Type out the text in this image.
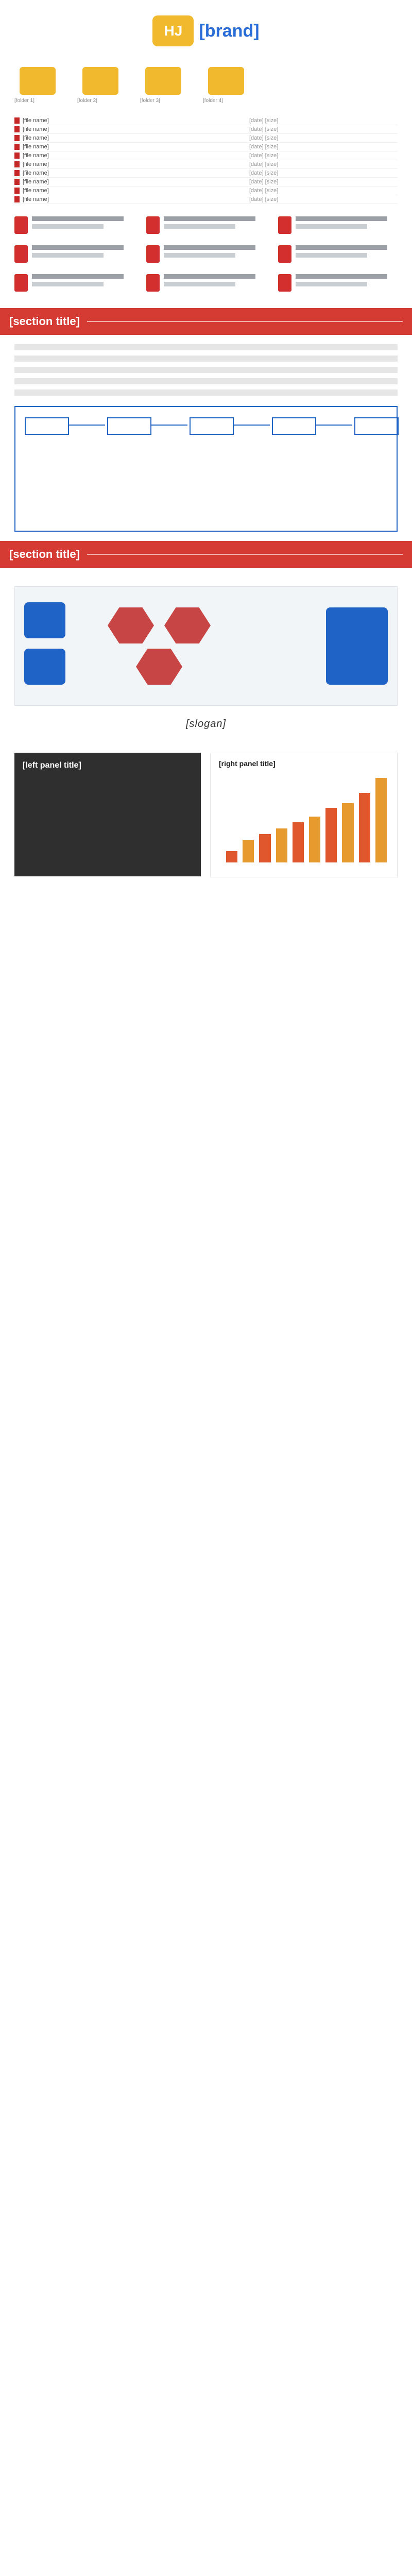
HJ [brand]
[folder 1]	[folder 2]	[folder 3]	[folder 4]
[file name]	[date] [size]
[file name]	[date] [size]
[file name]	[date] [size]
[file name]	[date] [size]
[file name]	[date] [size]
[file name]	[date] [size]
[file name]	[date] [size]
[file name]	[date] [size]
[file name]	[date] [size]
[file name]	[date] [size]
[section title]
[section title]
[slogan]
[left panel title]	[right panel title]
